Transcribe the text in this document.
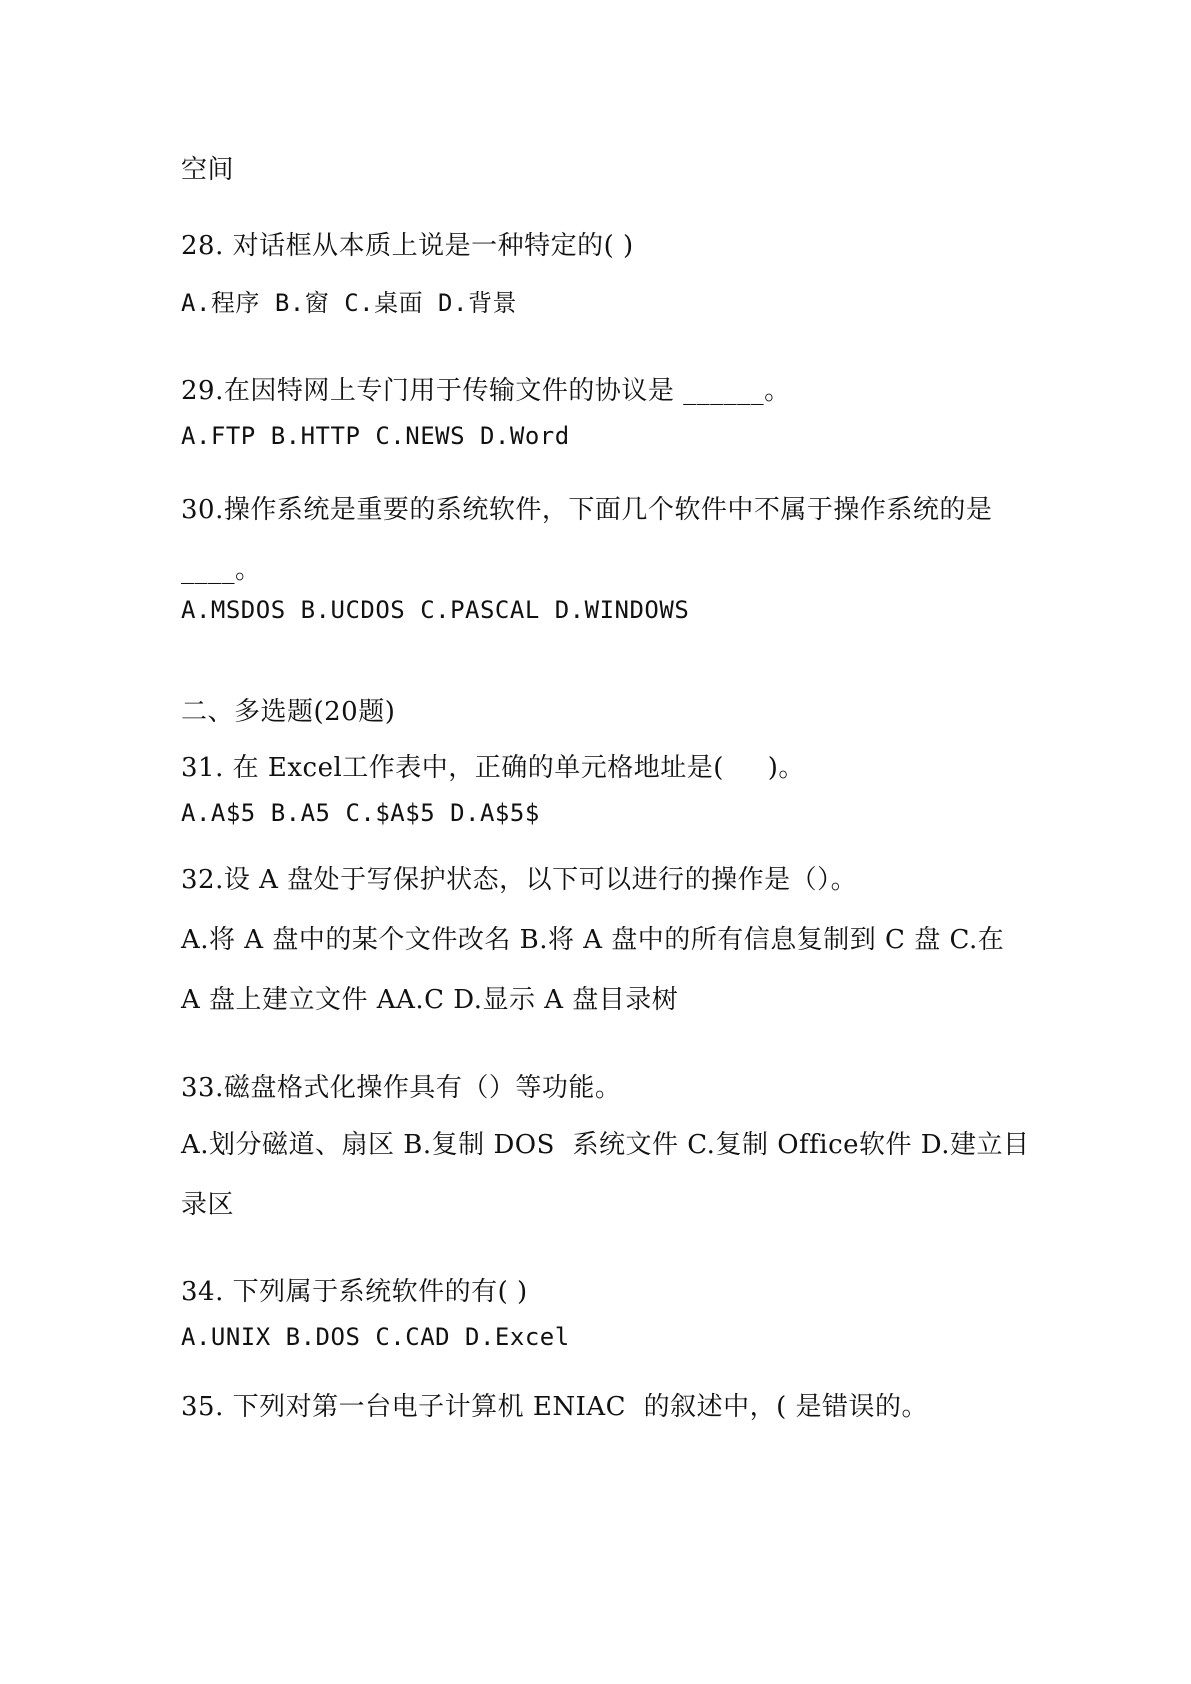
空间
28. 对话框从本质上说是一种特定的( )
A.程序 B.窗 C.桌面 D.背景
29.在因特网上专门用于传输文件的协议是 ______。
A.FTP B.HTTP C.NEWS D.Word
30.操作系统是重要的系统软件，下面几个软件中不属于操作系统的是
____。
A.MSDOS B.UCDOS C.PASCAL D.WINDOWS
二、多选题(20题)
31. 在 Excel工作表中，正确的单元格地址是(     )。
A.A$5 B.A5 C.$A$5 D.A$5$
32.设 A 盘处于写保护状态，以下可以进行的操作是（）。
A.将 A 盘中的某个文件改名 B.将 A 盘中的所有信息复制到 C 盘 C.在
A 盘上建立文件 AA.C D.显示 A 盘目录树
33.磁盘格式化操作具有（）等功能。
A.划分磁道、扇区 B.复制 DOS  系统文件 C.复制 Office软件 D.建立目
录区
34. 下列属于系统软件的有( )
A.UNIX B.DOS C.CAD D.Excel
35. 下列对第一台电子计算机 ENIAC  的叙述中，( 是错误的。
